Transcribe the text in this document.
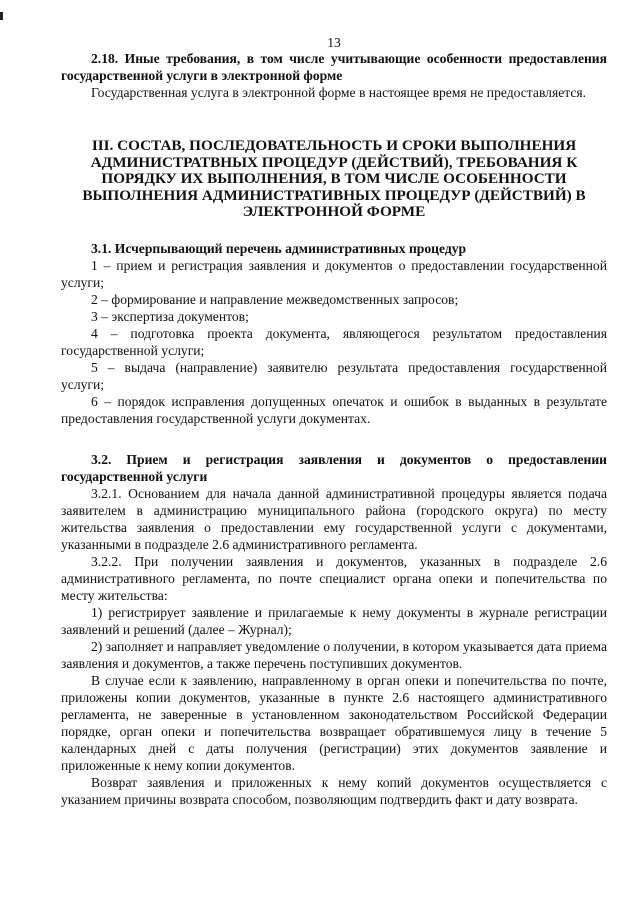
13

2.18. Иные требования, в том числе учитывающие особенности предоставления государственной услуги в электронной форме

Государственная услуга в электронной форме в настоящее время не предоставляется.

III. СОСТАВ, ПОСЛЕДОВАТЕЛЬНОСТЬ И СРОКИ ВЫПОЛНЕНИЯ АДМИНИСТРАТВНЫХ ПРОЦЕДУР (ДЕЙСТВИЙ), ТРЕБОВАНИЯ К ПОРЯДКУ ИХ ВЫПОЛНЕНИЯ, В ТОМ ЧИСЛЕ ОСОБЕННОСТИ ВЫПОЛНЕНИЯ АДМИНИСТРАТИВНЫХ ПРОЦЕДУР (ДЕЙСТВИЙ) В ЭЛЕКТРОННОЙ ФОРМЕ

3.1. Исчерпывающий перечень административных процедур

1 – прием и регистрация заявления и документов о предоставлении государственной услуги;

2 – формирование и направление межведомственных запросов;

3 – экспертиза документов;

4 – подготовка проекта документа, являющегося результатом предоставления государственной услуги;

5 – выдача (направление) заявителю результата предоставления государственной услуги;

6 – порядок исправления допущенных опечаток и ошибок в выданных в результате предоставления государственной услуги документах.

3.2. Прием и регистрация заявления и документов о предоставлении государственной услуги

3.2.1. Основанием для начала данной административной процедуры является подача заявителем в администрацию муниципального района (городского округа) по месту жительства заявления о предоставлении ему государственной услуги с документами, указанными в подразделе 2.6 административного регламента.

3.2.2. При получении заявления и документов, указанных в подразделе 2.6 административного регламента, по почте специалист органа опеки и попечительства по месту жительства:

1) регистрирует заявление и прилагаемые к нему документы в журнале регистрации заявлений и решений (далее – Журнал);

2) заполняет и направляет уведомление о получении, в котором указывается дата приема заявления и документов, а также перечень поступивших документов.

В случае если к заявлению, направленному в орган опеки и попечительства по почте, приложены копии документов, указанные в пункте 2.6 настоящего административного регламента, не заверенные в установленном законодательством Российской Федерации порядке, орган опеки и попечительства возвращает обратившемуся лицу в течение 5 календарных дней с даты получения (регистрации) этих документов заявление и приложенные к нему копии документов.

Возврат заявления и приложенных к нему копий документов осуществляется с указанием причины возврата способом, позволяющим подтвердить факт и дату возврата.
